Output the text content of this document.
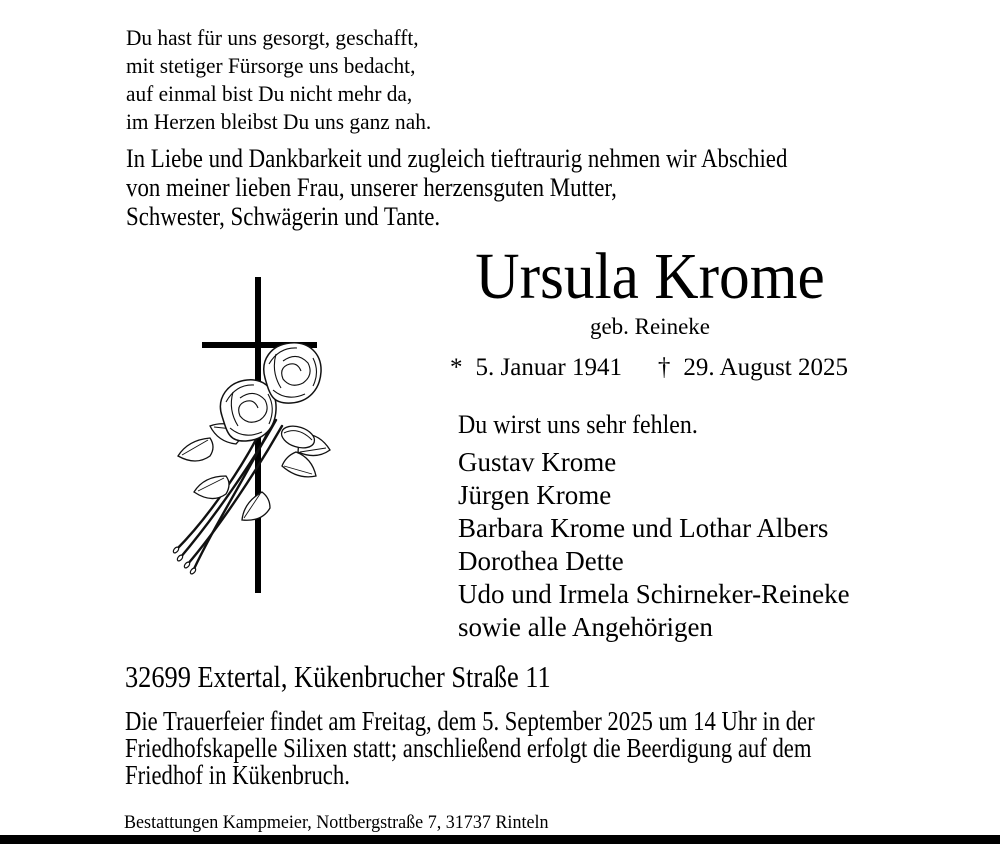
Du hast für uns gesorgt, geschafft,
mit stetiger Fürsorge uns bedacht,
auf einmal bist Du nicht mehr da,
im Herzen bleibst Du uns ganz nah.
In Liebe und Dankbarkeit und zugleich tieftraurig nehmen wir Abschied
von meiner lieben Frau, unserer herzensguten Mutter,
Schwester, Schwägerin und Tante.
Ursula Krome
geb. Reineke
* 5. Januar 1941 † 29. August 2025
Du wirst uns sehr fehlen.
Gustav Krome
Jürgen Krome
Barbara Krome und Lothar Albers
Dorothea Dette
Udo und Irmela Schirneker-Reineke
sowie alle Angehörigen
32699 Extertal, Kükenbrucher Straße 11
Die Trauerfeier findet am Freitag, dem 5. September 2025 um 14 Uhr in der
Friedhofskapelle Silixen statt; anschließend erfolgt die Beerdigung auf dem
Friedhof in Kükenbruch.
Bestattungen Kampmeier, Nottbergstraße 7, 31737 Rinteln
